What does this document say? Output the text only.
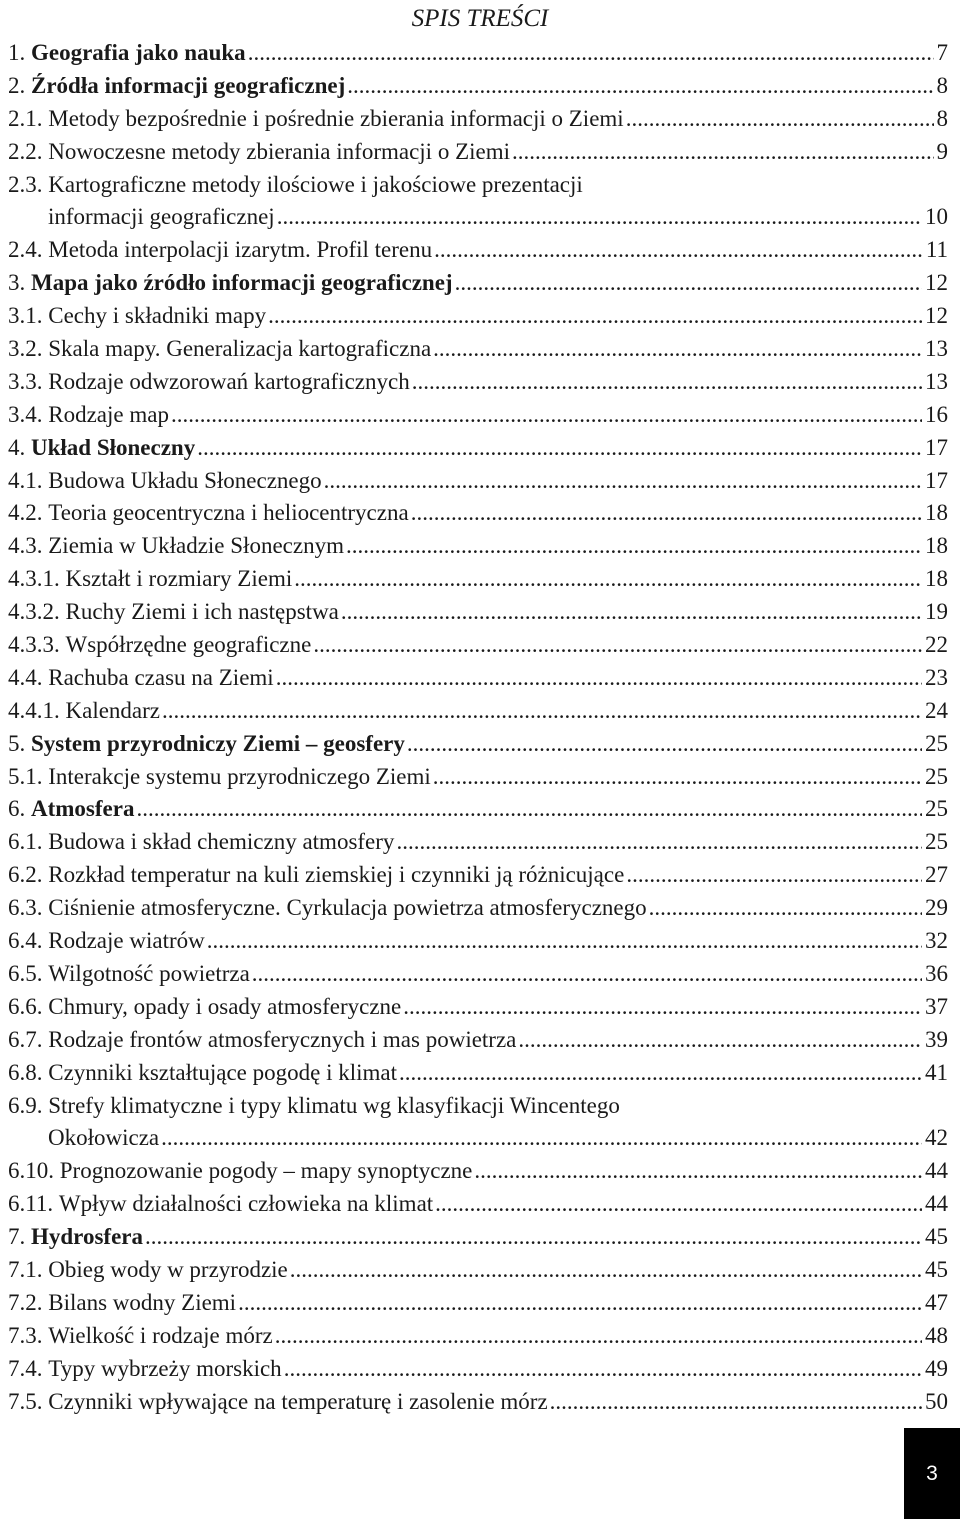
SPIS TREŚCI
1. Geografia jako nauka .....	7
2. Źródła informacji geograficznej .....	8
2.1. Metody bezpośrednie i pośrednie zbierania informacji o Ziemi .....	8
2.2. Nowoczesne metody zbierania informacji o Ziemi .....	9
2.3. Kartograficzne metody ilościowe i jakościowe prezentacji
informacji geograficznej .....	10
2.4. Metoda interpolacji izarytm. Profil terenu .....	11
3. Mapa jako źródło informacji geograficznej .....	12
3.1. Cechy i składniki mapy .....	12
3.2. Skala mapy. Generalizacja kartograficzna .....	13
3.3. Rodzaje odwzorowań kartograficznych .....	13
3.4. Rodzaje map .....	16
4. Układ Słoneczny .....	17
4.1. Budowa Układu Słonecznego .....	17
4.2. Teoria geocentryczna i heliocentryczna .....	18
4.3. Ziemia w Układzie Słonecznym .....	18
4.3.1. Kształt i rozmiary Ziemi .....	18
4.3.2. Ruchy Ziemi i ich następstwa .....	19
4.3.3. Współrzędne geograficzne .....	22
4.4. Rachuba czasu na Ziemi .....	23
4.4.1. Kalendarz .....	24
5. System przyrodniczy Ziemi – geosfery .....	25
5.1. Interakcje systemu przyrodniczego Ziemi .....	25
6. Atmosfera .....	25
6.1. Budowa i skład chemiczny atmosfery .....	25
6.2. Rozkład temperatur na kuli ziemskiej i czynniki ją różnicujące .....	27
6.3. Ciśnienie atmosferyczne. Cyrkulacja powietrza atmosferycznego .....	29
6.4. Rodzaje wiatrów .....	32
6.5. Wilgotność powietrza .....	36
6.6. Chmury, opady i osady atmosferyczne .....	37
6.7. Rodzaje frontów atmosferycznych i mas powietrza .....	39
6.8. Czynniki kształtujące pogodę i klimat .....	41
6.9. Strefy klimatyczne i typy klimatu wg klasyfikacji Wincentego
Okołowicza .....	42
6.10. Prognozowanie pogody – mapy synoptyczne .....	44
6.11. Wpływ działalności człowieka na klimat .....	44
7. Hydrosfera .....	45
7.1. Obieg wody w przyrodzie .....	45
7.2. Bilans wodny Ziemi .....	47
7.3. Wielkość i rodzaje mórz .....	48
7.4. Typy wybrzeży morskich .....	49
7.5. Czynniki wpływające na temperaturę i zasolenie mórz .....	50
3
